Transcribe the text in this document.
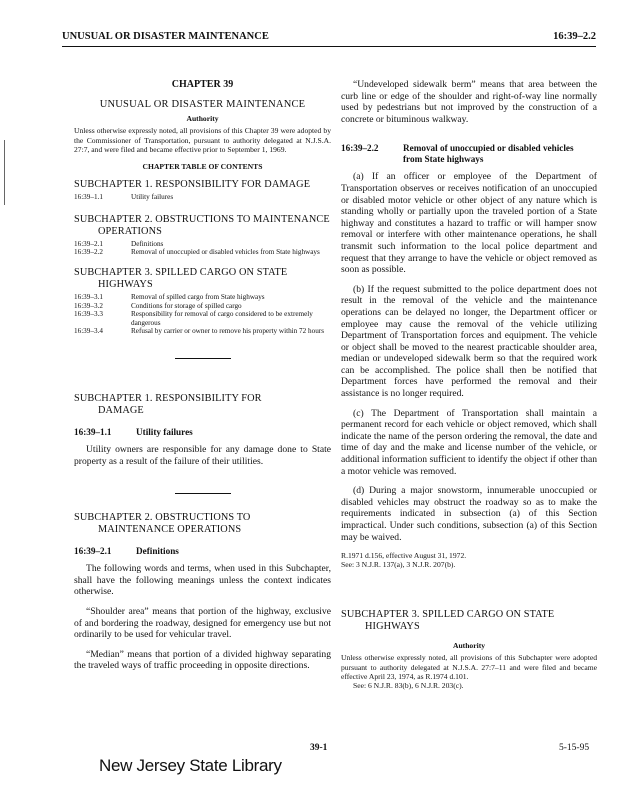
UNUSUAL OR DISASTER MAINTENANCE	16:39–2.2
CHAPTER 39
UNUSUAL OR DISASTER MAINTENANCE
Authority
Unless otherwise expressly noted, all provisions of this Chapter 39 were adopted by the Commissioner of Transportation, pursuant to authority delegated at N.J.S.A. 27:7, and were filed and became effective prior to September 1, 1969.
CHAPTER TABLE OF CONTENTS
SUBCHAPTER 1. RESPONSIBILITY FOR DAMAGE
16:39–1.1	Utility failures
SUBCHAPTER 2. OBSTRUCTIONS TO MAINTENANCE
OPERATIONS
16:39–2.1	Definitions
16:39–2.2	Removal of unoccupied or disabled vehicles from State highways
SUBCHAPTER 3. SPILLED CARGO ON STATE
HIGHWAYS
16:39–3.1	Removal of spilled cargo from State highways
16:39–3.2	Conditions for storage of spilled cargo
16:39–3.3	Responsibility for removal of cargo considered to be extremely dangerous
16:39–3.4	Refusal by carrier or owner to remove his property within 72 hours
SUBCHAPTER 1. RESPONSIBILITY FOR
DAMAGE
16:39–1.1	Utility failures
Utility owners are responsible for any damage done to State property as a result of the failure of their utilities.
SUBCHAPTER 2. OBSTRUCTIONS TO
MAINTENANCE OPERATIONS
16:39–2.1	Definitions
The following words and terms, when used in this Subchapter, shall have the following meanings unless the context indicates otherwise.
“Shoulder area” means that portion of the highway, exclusive of and bordering the roadway, designed for emergency use but not ordinarily to be used for vehicular travel.
“Median” means that portion of a divided highway separating the traveled ways of traffic proceeding in opposite directions.
“Undeveloped sidewalk berm” means that area between the curb line or edge of the shoulder and right-of-way line normally used by pedestrians but not improved by the construction of a concrete or bituminous walkway.
16:39–2.2	Removal of unoccupied or disabled vehicles
from State highways
(a) If an officer or employee of the Department of Transportation observes or receives notification of an unoccupied or disabled motor vehicle or other object of any nature which is standing wholly or partially upon the traveled portion of a State highway and constitutes a hazard to traffic or will hamper snow removal or interfere with other maintenance operations, he shall transmit such information to the local police department and request that they arrange to have the vehicle or object removed as soon as possible.
(b) If the request submitted to the police department does not result in the removal of the vehicle and the maintenance operations can be delayed no longer, the Department officer or employee may cause the removal of the vehicle utilizing Department of Transportation forces and equipment. The vehicle or object shall be moved to the nearest practicable shoulder area, median or undeveloped sidewalk berm so that the required work can be accomplished. The police shall then be notified that Department forces have performed the removal and their assistance is no longer required.
(c) The Department of Transportation shall maintain a permanent record for each vehicle or object removed, which shall indicate the name of the person ordering the removal, the date and time of day and the make and license number of the vehicle, or additional information sufficient to identify the object if other than a motor vehicle was removed.
(d) During a major snowstorm, innumerable unoccupied or disabled vehicles may obstruct the roadway so as to make the requirements indicated in subsection (a) of this Section impractical. Under such conditions, subsection (a) of this Section may be waived.
R.1971 d.156, effective August 31, 1972.
See: 3 N.J.R. 137(a), 3 N.J.R. 207(b).
SUBCHAPTER 3. SPILLED CARGO ON STATE
HIGHWAYS
Authority
Unless otherwise expressly noted, all provisions of this Subchapter were adopted pursuant to authority delegated at N.J.S.A. 27:7–11 and were filed and became effective April 23, 1974, as R.1974 d.101.
See: 6 N.J.R. 83(b), 6 N.J.R. 203(c).
39-1	5-15-95
New Jersey State Library
